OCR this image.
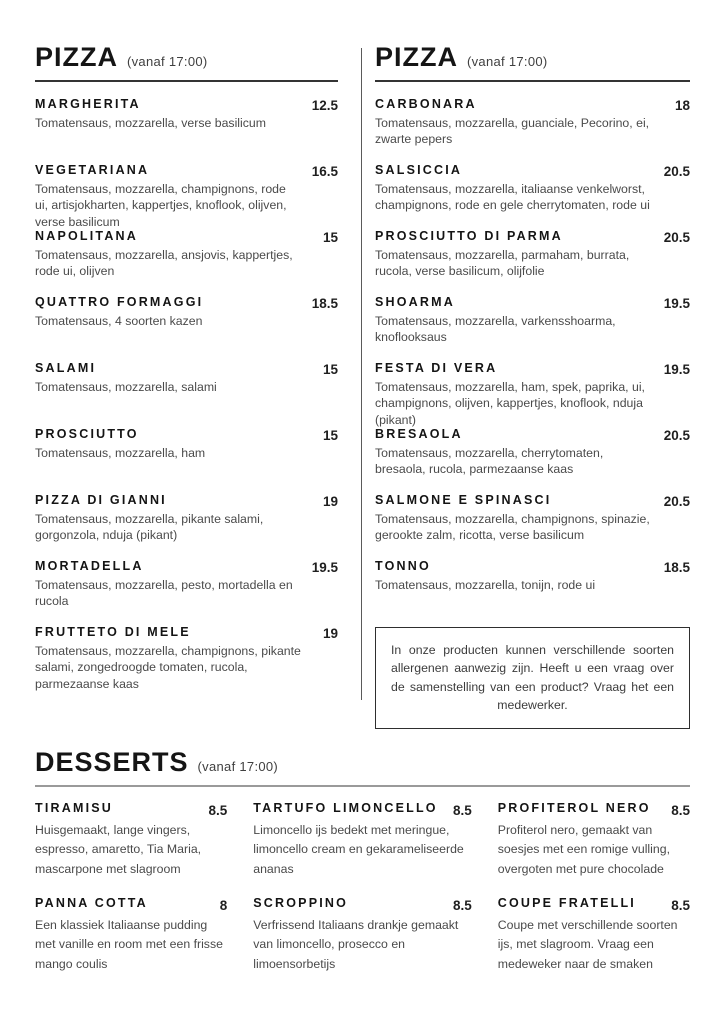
PIZZA (vanaf 17:00)
MARGHERITA
Tomatensaus, mozzarella, verse basilicum
12.5
VEGETARIANA
Tomatensaus, mozzarella, champignons, rode ui, artisjokharten, kappertjes, knoflook, olijven, verse basilicum
16.5
NAPOLITANA
Tomatensaus, mozzarella, ansjovis, kappertjes, rode ui, olijven
15
QUATTRO FORMAGGI
Tomatensaus, 4 soorten kazen
18.5
SALAMI
Tomatensaus, mozzarella, salami
15
PROSCIUTTO
Tomatensaus, mozzarella, ham
15
PIZZA DI GIANNI
Tomatensaus, mozzarella, pikante salami, gorgonzola, nduja (pikant)
19
MORTADELLA
Tomatensaus, mozzarella, pesto, mortadella en rucola
19.5
FRUTTETO DI MELE
Tomatensaus, mozzarella, champignons, pikante salami, zongedroogde tomaten, rucola, parmezaanse kaas
19
PIZZA (vanaf 17:00)
CARBONARA
Tomatensaus, mozzarella, guanciale, Pecorino, ei, zwarte pepers
18
SALSICCIA
Tomatensaus, mozzarella, italiaanse venkelworst, champignons, rode en gele cherrytomaten, rode ui
20.5
PROSCIUTTO DI PARMA
Tomatensaus, mozzarella, parmaham, burrata, rucola, verse basilicum, olijfolie
20.5
SHOARMA
Tomatensaus, mozzarella, varkensshoarma, knoflooksaus
19.5
FESTA DI VERA
Tomatensaus, mozzarella, ham, spek, paprika, ui, champignons, olijven, kappertjes, knoflook, nduja (pikant)
19.5
BRESAOLA
Tomatensaus, mozzarella, cherrytomaten, bresaola, rucola, parmezaanse kaas
20.5
SALMONE E SPINASCI
Tomatensaus, mozzarella, champignons, spinazie, gerookte zalm, ricotta, verse basilicum
20.5
TONNO
Tomatensaus, mozzarella, tonijn, rode ui
18.5
In onze producten kunnen verschillende soorten allergenen aanwezig zijn. Heeft u een vraag over de samenstelling van een product? Vraag het een medewerker.
DESSERTS (vanaf 17:00)
TIRAMISU
Huisgemaakt, lange vingers, espresso, amaretto, Tia Maria, mascarpone met slagroom
8.5 TARTUFO LIMONCELLO
Limoncello ijs bedekt met meringue, limoncello cream en gekarameliseerde ananas
8.5 PROFITEROL NERO
Profiterol nero, gemaakt van soesjes met een romige vulling, overgoten met pure chocolade
8.5
PANNA COTTA
Een klassiek Italiaanse pudding met vanille en room met een frisse mango coulis
8 SCROPPINO
Verfrissend Italiaans drankje gemaakt van limoncello, prosecco en limoensorbetijs
8.5 COUPE FRATELLI
Coupe met verschillende soorten ijs, met slagroom. Vraag een medeweker naar de smaken
8.5
